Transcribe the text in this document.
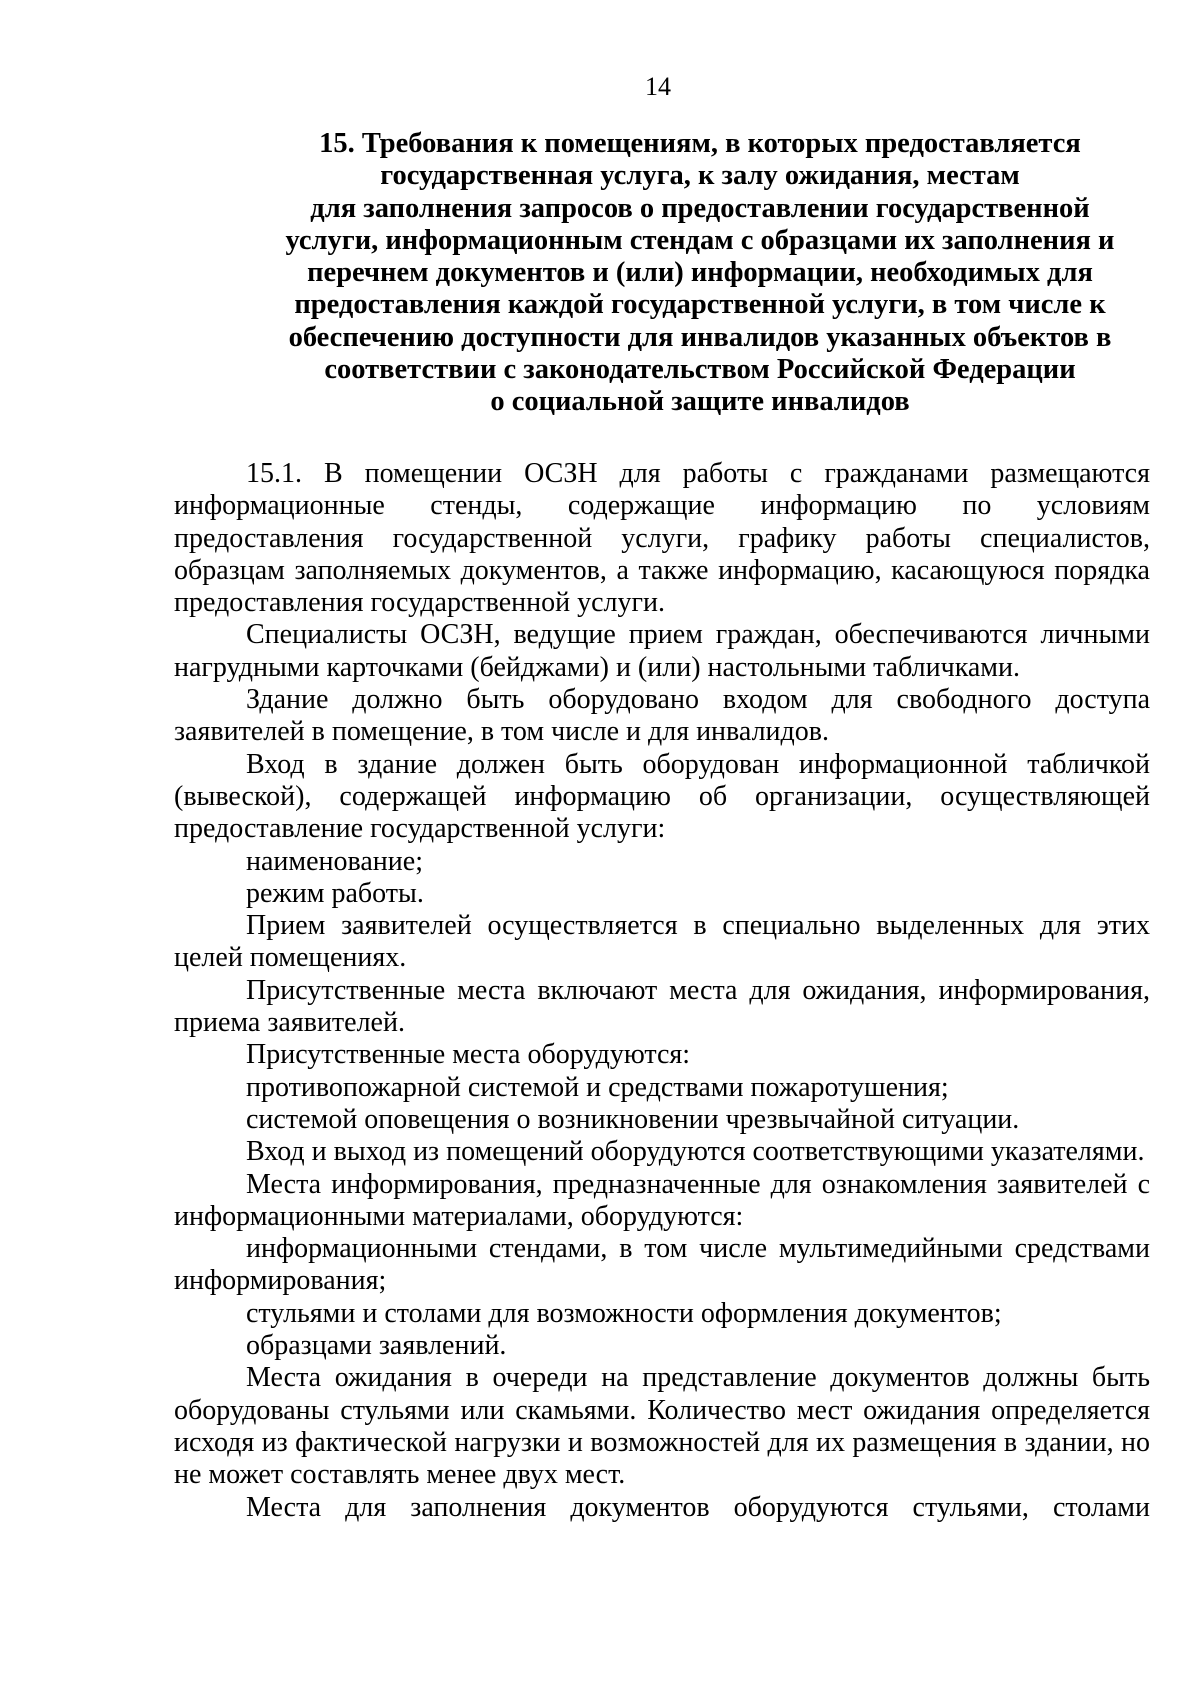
14
15. Требования к помещениям, в которых предоставляется
государственная услуга, к залу ожидания, местам
для заполнения запросов о предоставлении государственной
услуги, информационным стендам с образцами их заполнения и
перечнем документов и (или) информации, необходимых для
предоставления каждой государственной услуги, в том числе к
обеспечению доступности для инвалидов указанных объектов в
соответствии с законодательством Российской Федерации
о социальной защите инвалидов

15.1. В помещении ОСЗН для работы с гражданами размещаются информационные стенды, содержащие информацию по условиям предоставления государственной услуги, графику работы специалистов, образцам заполняемых документов, а также информацию, касающуюся порядка предоставления государственной услуги.

Специалисты ОСЗН, ведущие прием граждан, обеспечиваются личными нагрудными карточками (бейджами) и (или) настольными табличками.

Здание должно быть оборудовано входом для свободного доступа заявителей в помещение, в том числе и для инвалидов.

Вход в здание должен быть оборудован информационной табличкой (вывеской), содержащей информацию об организации, осуществляющей предоставление государственной услуги:

наименование;

режим работы.

Прием заявителей осуществляется в специально выделенных для этих целей помещениях.

Присутственные места включают места для ожидания, информирования, приема заявителей.

Присутственные места оборудуются:

противопожарной системой и средствами пожаротушения;

системой оповещения о возникновении чрезвычайной ситуации.

Вход и выход из помещений оборудуются соответствующими указателями.

Места информирования, предназначенные для ознакомления заявителей с информационными материалами, оборудуются:

информационными стендами, в том числе мультимедийными средствами информирования;

стульями и столами для возможности оформления документов;

образцами заявлений.

Места ожидания в очереди на представление документов должны быть оборудованы стульями или скамьями. Количество мест ожидания определяется исходя из фактической нагрузки и возможностей для их размещения в здании, но не может составлять менее двух мест.

Места для заполнения документов оборудуются стульями, столами
